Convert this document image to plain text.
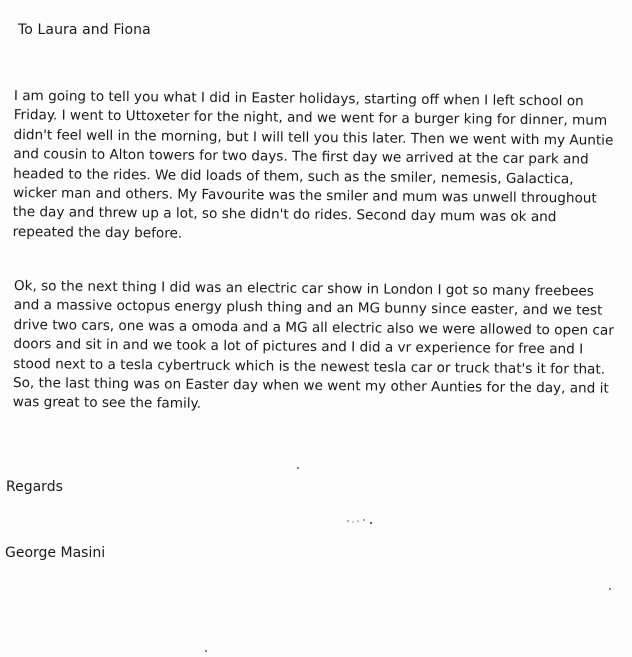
To Laura and Fiona
I am going to tell you what I did in Easter holidays, starting off when I left school on
Friday. I went to Uttoxeter for the night, and we went for a burger king for dinner, mum
didn't feel well in the morning, but I will tell you this later. Then we went with my Auntie
and cousin to Alton towers for two days. The first day we arrived at the car park and
headed to the rides. We did loads of them, such as the smiler, nemesis, Galactica,
wicker man and others. My Favourite was the smiler and mum was unwell throughout
the day and threw up a lot, so she didn't do rides. Second day mum was ok and
repeated the day before.
Ok, so the next thing I did was an electric car show in London I got so many freebees
and a massive octopus energy plush thing and an MG bunny since easter, and we test
drive two cars, one was a omoda and a MG all electric also we were allowed to open car
doors and sit in and we took a lot of pictures and I did a vr experience for free and I
stood next to a tesla cybertruck which is the newest tesla car or truck that's it for that.
So, the last thing was on Easter day when we went my other Aunties for the day, and it
was great to see the family.
Regards
George Masini
